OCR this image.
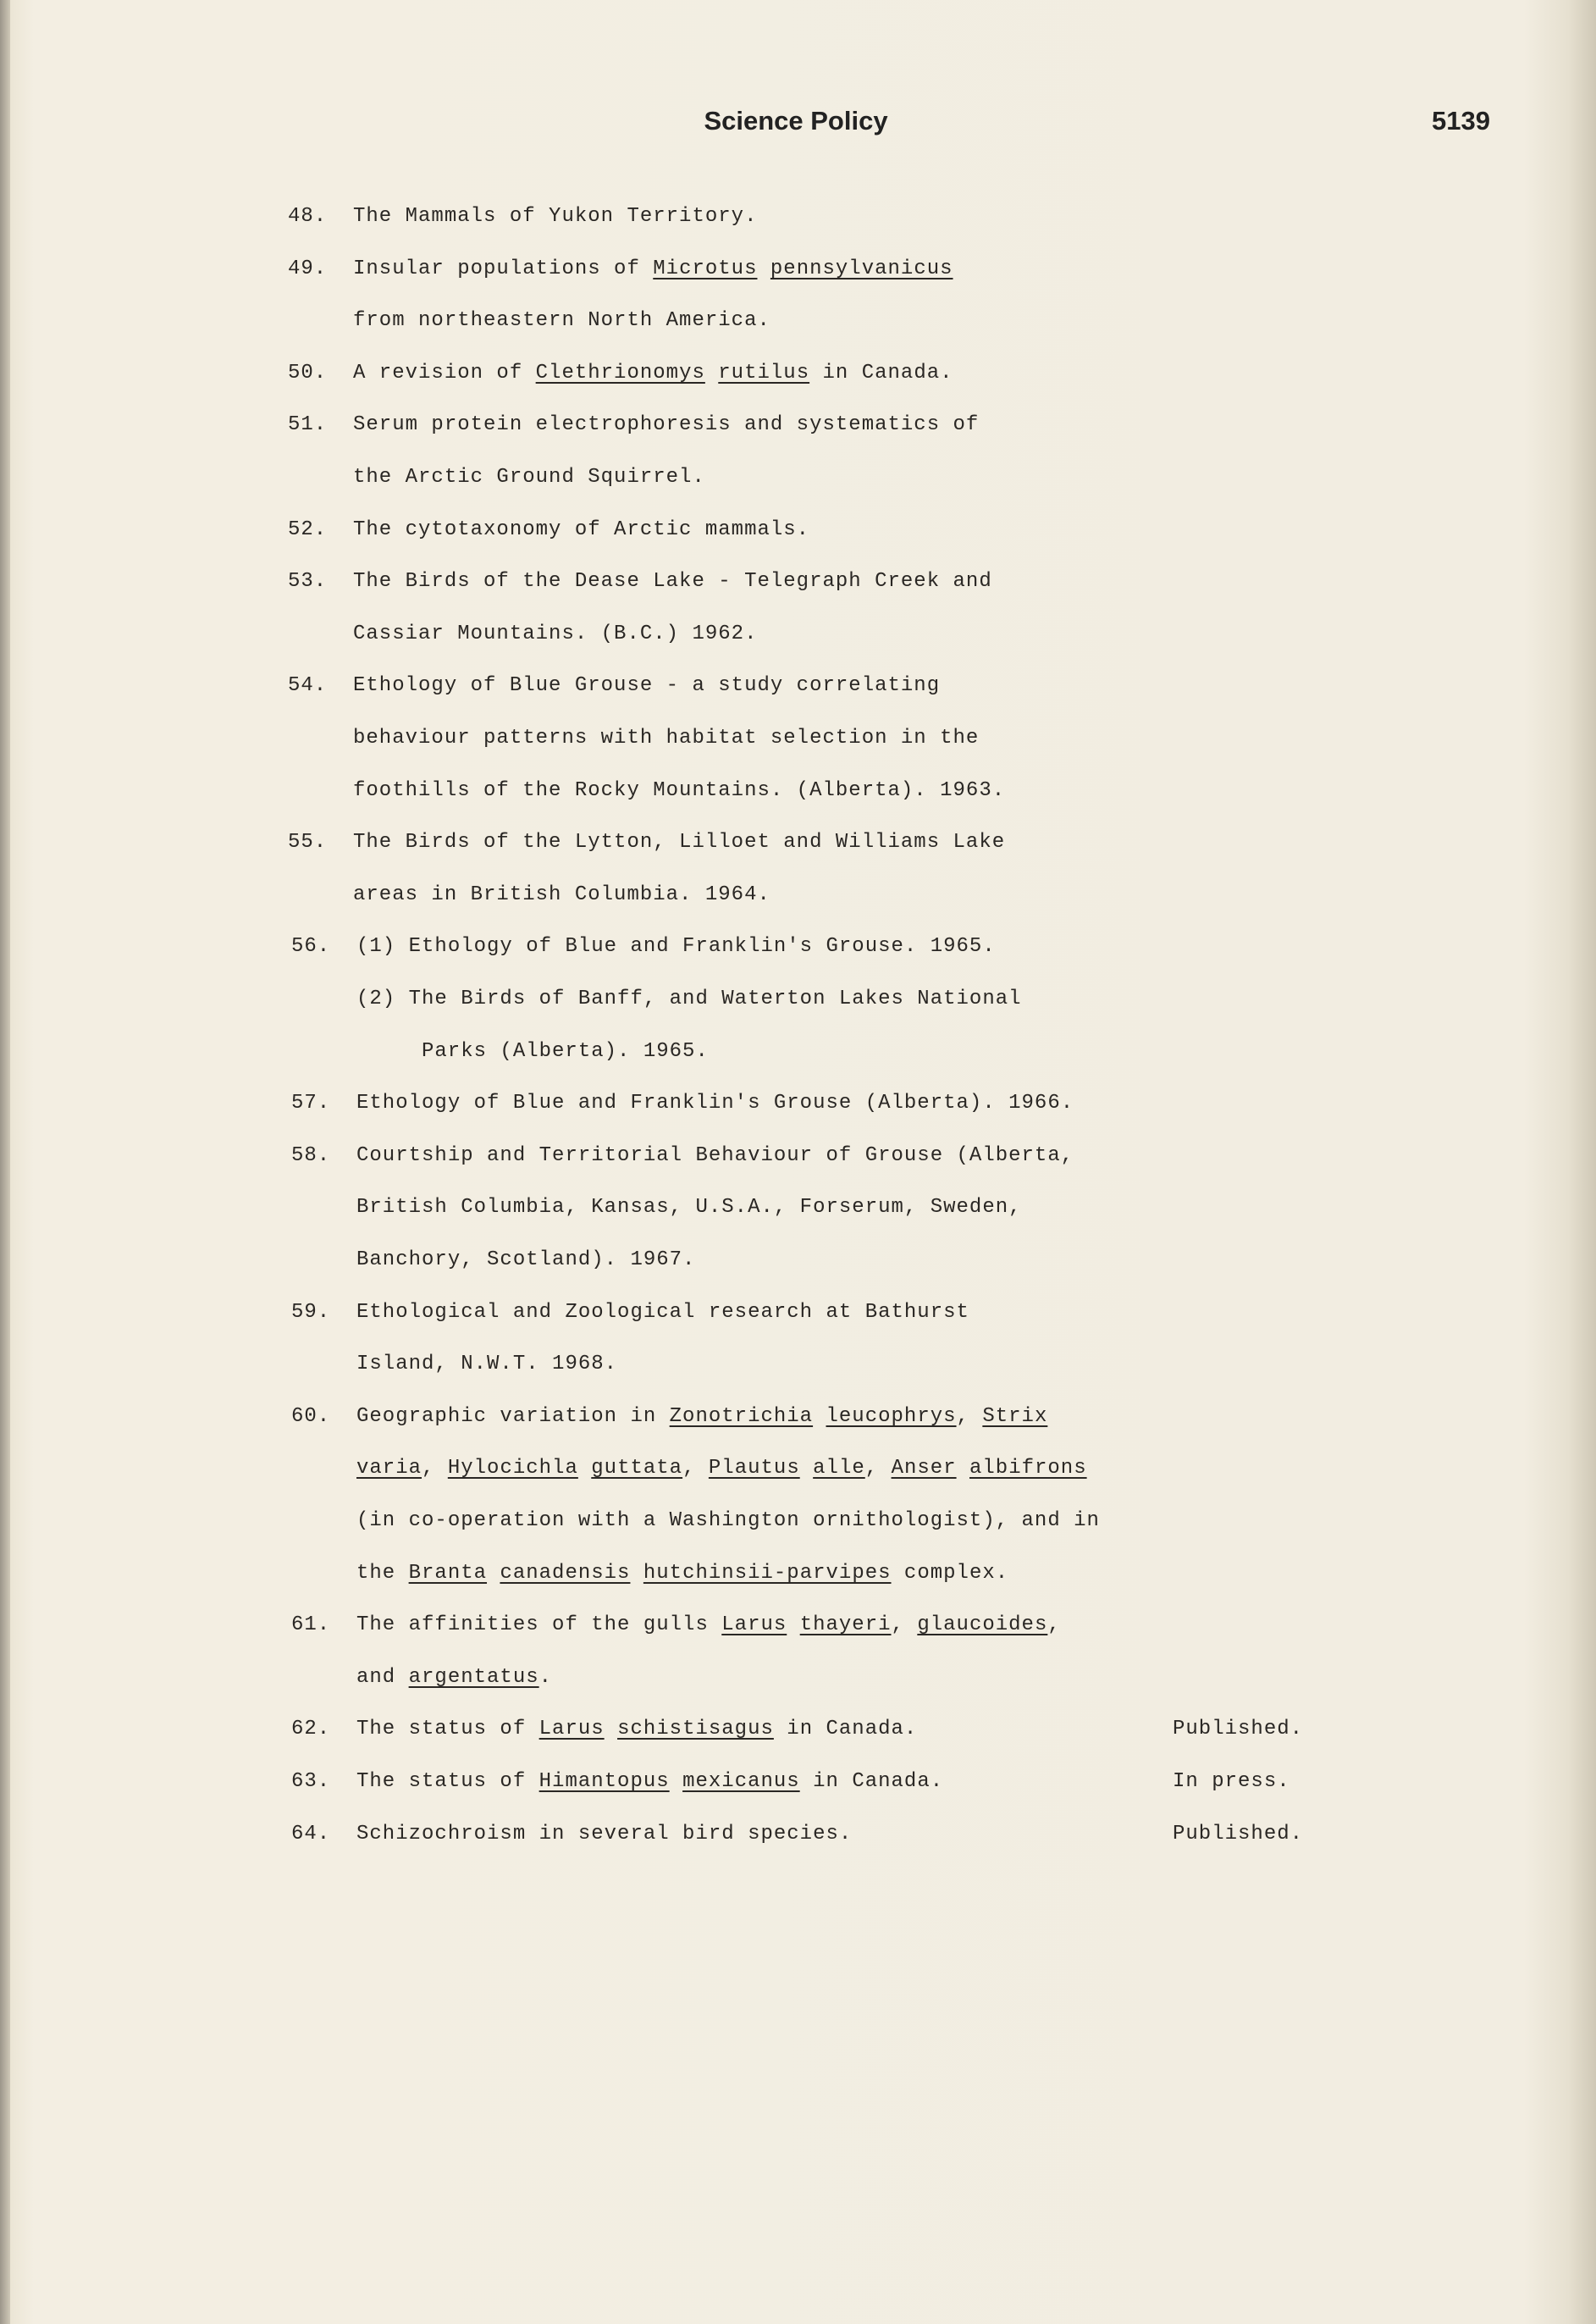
Science Policy	5139
48.	The Mammals of Yukon Territory.
49.	Insular populations of Microtus pennsylvanicus
from northeastern North America.
50.	A revision of Clethrionomys rutilus in Canada.
51.	Serum protein electrophoresis and systematics of
the Arctic Ground Squirrel.
52.	The cytotaxonomy of Arctic mammals.
53.	The Birds of the Dease Lake - Telegraph Creek and
Cassiar Mountains. (B.C.) 1962.
54.	Ethology of Blue Grouse - a study correlating
behaviour patterns with habitat selection in the
foothills of the Rocky Mountains. (Alberta). 1963.
55.	The Birds of the Lytton, Lilloet and Williams Lake
areas in British Columbia. 1964.
56.	(1) Ethology of Blue and Franklin's Grouse. 1965.
(2) The Birds of Banff, and Waterton Lakes National
Parks (Alberta). 1965.
57.	Ethology of Blue and Franklin's Grouse (Alberta). 1966.
58.	Courtship and Territorial Behaviour of Grouse (Alberta,
British Columbia, Kansas, U.S.A., Forserum, Sweden,
Banchory, Scotland). 1967.
59.	Ethological and Zoological research at Bathurst
Island, N.W.T. 1968.
60.	Geographic variation in Zonotrichia leucophrys, Strix
varia, Hylocichla guttata, Plautus alle, Anser albifrons
(in co-operation with a Washington ornithologist), and in
the Branta canadensis hutchinsii-parvipes complex.
61.	The affinities of the gulls Larus thayeri, glaucoides,
and argentatus.
62.	The status of Larus schistisagus in Canada.	Published.
63.	The status of Himantopus mexicanus in Canada.	In press.
64.	Schizochroism in several bird species.	Published.
